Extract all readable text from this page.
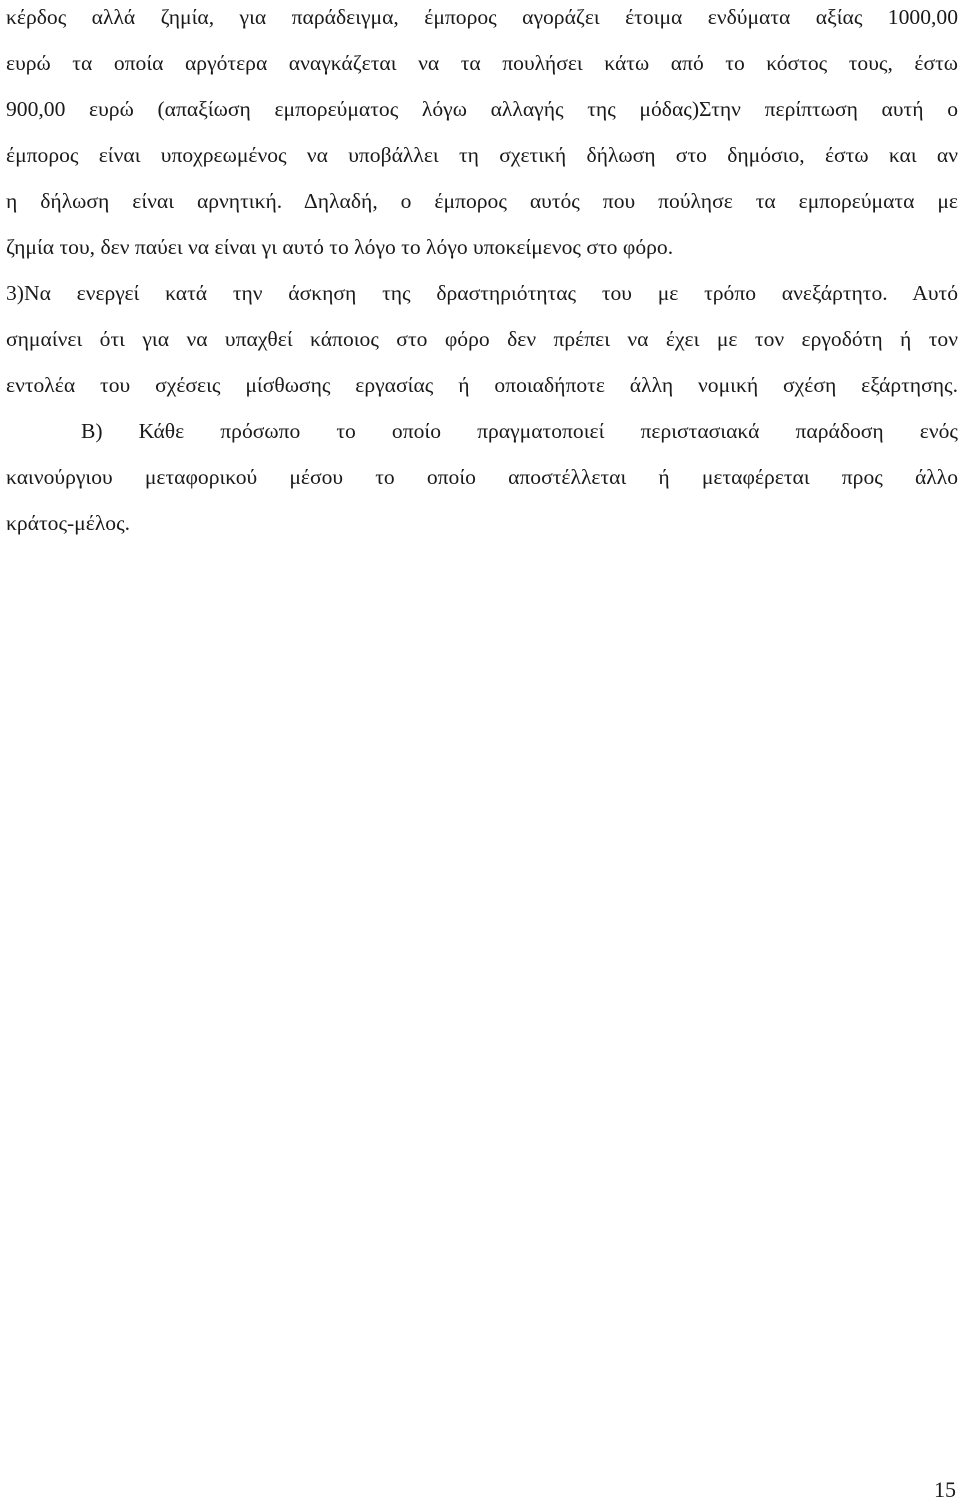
κέρδος αλλά ζημία, για παράδειγμα, έμπορος αγοράζει έτοιμα ενδύματα αξίας 1000,00
ευρώ τα οποία αργότερα αναγκάζεται να τα πουλήσει κάτω από το κόστος τους, έστω
900,00 ευρώ (απαξίωση εμπορεύματος λόγω αλλαγής της μόδας)Στην περίπτωση αυτή ο
έμπορος είναι υποχρεωμένος να υποβάλλει τη σχετική δήλωση στο δημόσιο, έστω και αν
η δήλωση είναι αρνητική. Δηλαδή, ο έμπορος αυτός που πούλησε τα εμπορεύματα με
ζημία του, δεν παύει να είναι γι αυτό το λόγο το λόγο υποκείμενος στο φόρο.
3)Να ενεργεί κατά την άσκηση της δραστηριότητας του με τρόπο ανεξάρτητο. Αυτό
σημαίνει ότι για να υπαχθεί κάποιος στο φόρο δεν πρέπει να έχει με τον εργοδότη ή τον
εντολέα του σχέσεις μίσθωσης εργασίας ή οποιαδήποτε άλλη νομική σχέση εξάρτησης.
Β) Κάθε πρόσωπο το οποίο πραγματοποιεί περιστασιακά παράδοση ενός
καινούργιου μεταφορικού μέσου το οποίο αποστέλλεται ή μεταφέρεται προς άλλο
κράτος-μέλος.
15
